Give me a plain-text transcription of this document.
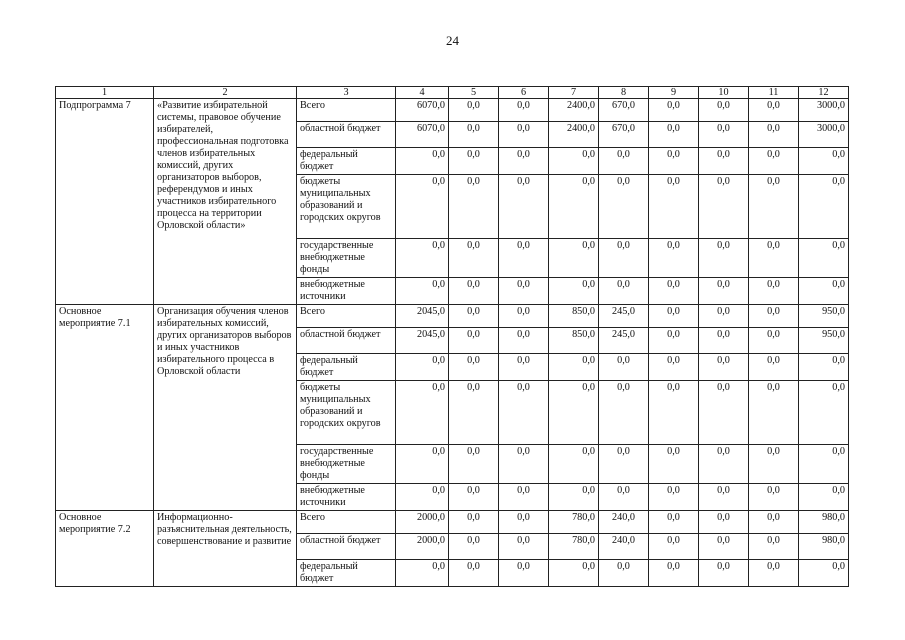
24
1	2	3	4	5	6	7	8	9	10	11	12
Подпрограмма 7	«Развитие избирательной системы, правовое обучение избирателей, профессиональная подготовка членов избирательных комиссий, других организаторов выборов, референдумов и иных участников избирательного процесса на территории Орловской области»	Всего	6070,0	0,0	0,0	2400,0	670,0	0,0	0,0	0,0	3000,0
		областной бюджет	6070,0	0,0	0,0	2400,0	670,0	0,0	0,0	0,0	3000,0
		федеральный бюджет	0,0	0,0	0,0	0,0	0,0	0,0	0,0	0,0	0,0
		бюджеты муниципальных образований и городских округов	0,0	0,0	0,0	0,0	0,0	0,0	0,0	0,0	0,0
		государственные внебюджетные фонды	0,0	0,0	0,0	0,0	0,0	0,0	0,0	0,0	0,0
		внебюджетные источники	0,0	0,0	0,0	0,0	0,0	0,0	0,0	0,0	0,0
Основное мероприятие 7.1	Организация обучения членов избирательных комиссий, других организаторов выборов и иных участников избирательного процесса в Орловской области	Всего	2045,0	0,0	0,0	850,0	245,0	0,0	0,0	0,0	950,0
		областной бюджет	2045,0	0,0	0,0	850,0	245,0	0,0	0,0	0,0	950,0
		федеральный бюджет	0,0	0,0	0,0	0,0	0,0	0,0	0,0	0,0	0,0
		бюджеты муниципальных образований и городских округов	0,0	0,0	0,0	0,0	0,0	0,0	0,0	0,0	0,0
		государственные внебюджетные фонды	0,0	0,0	0,0	0,0	0,0	0,0	0,0	0,0	0,0
		внебюджетные источники	0,0	0,0	0,0	0,0	0,0	0,0	0,0	0,0	0,0
Основное мероприятие 7.2	Информационно-разъяснительная деятельность, совершенствование и развитие	Всего	2000,0	0,0	0,0	780,0	240,0	0,0	0,0	0,0	980,0
		областной бюджет	2000,0	0,0	0,0	780,0	240,0	0,0	0,0	0,0	980,0
		федеральный бюджет	0,0	0,0	0,0	0,0	0,0	0,0	0,0	0,0	0,0
